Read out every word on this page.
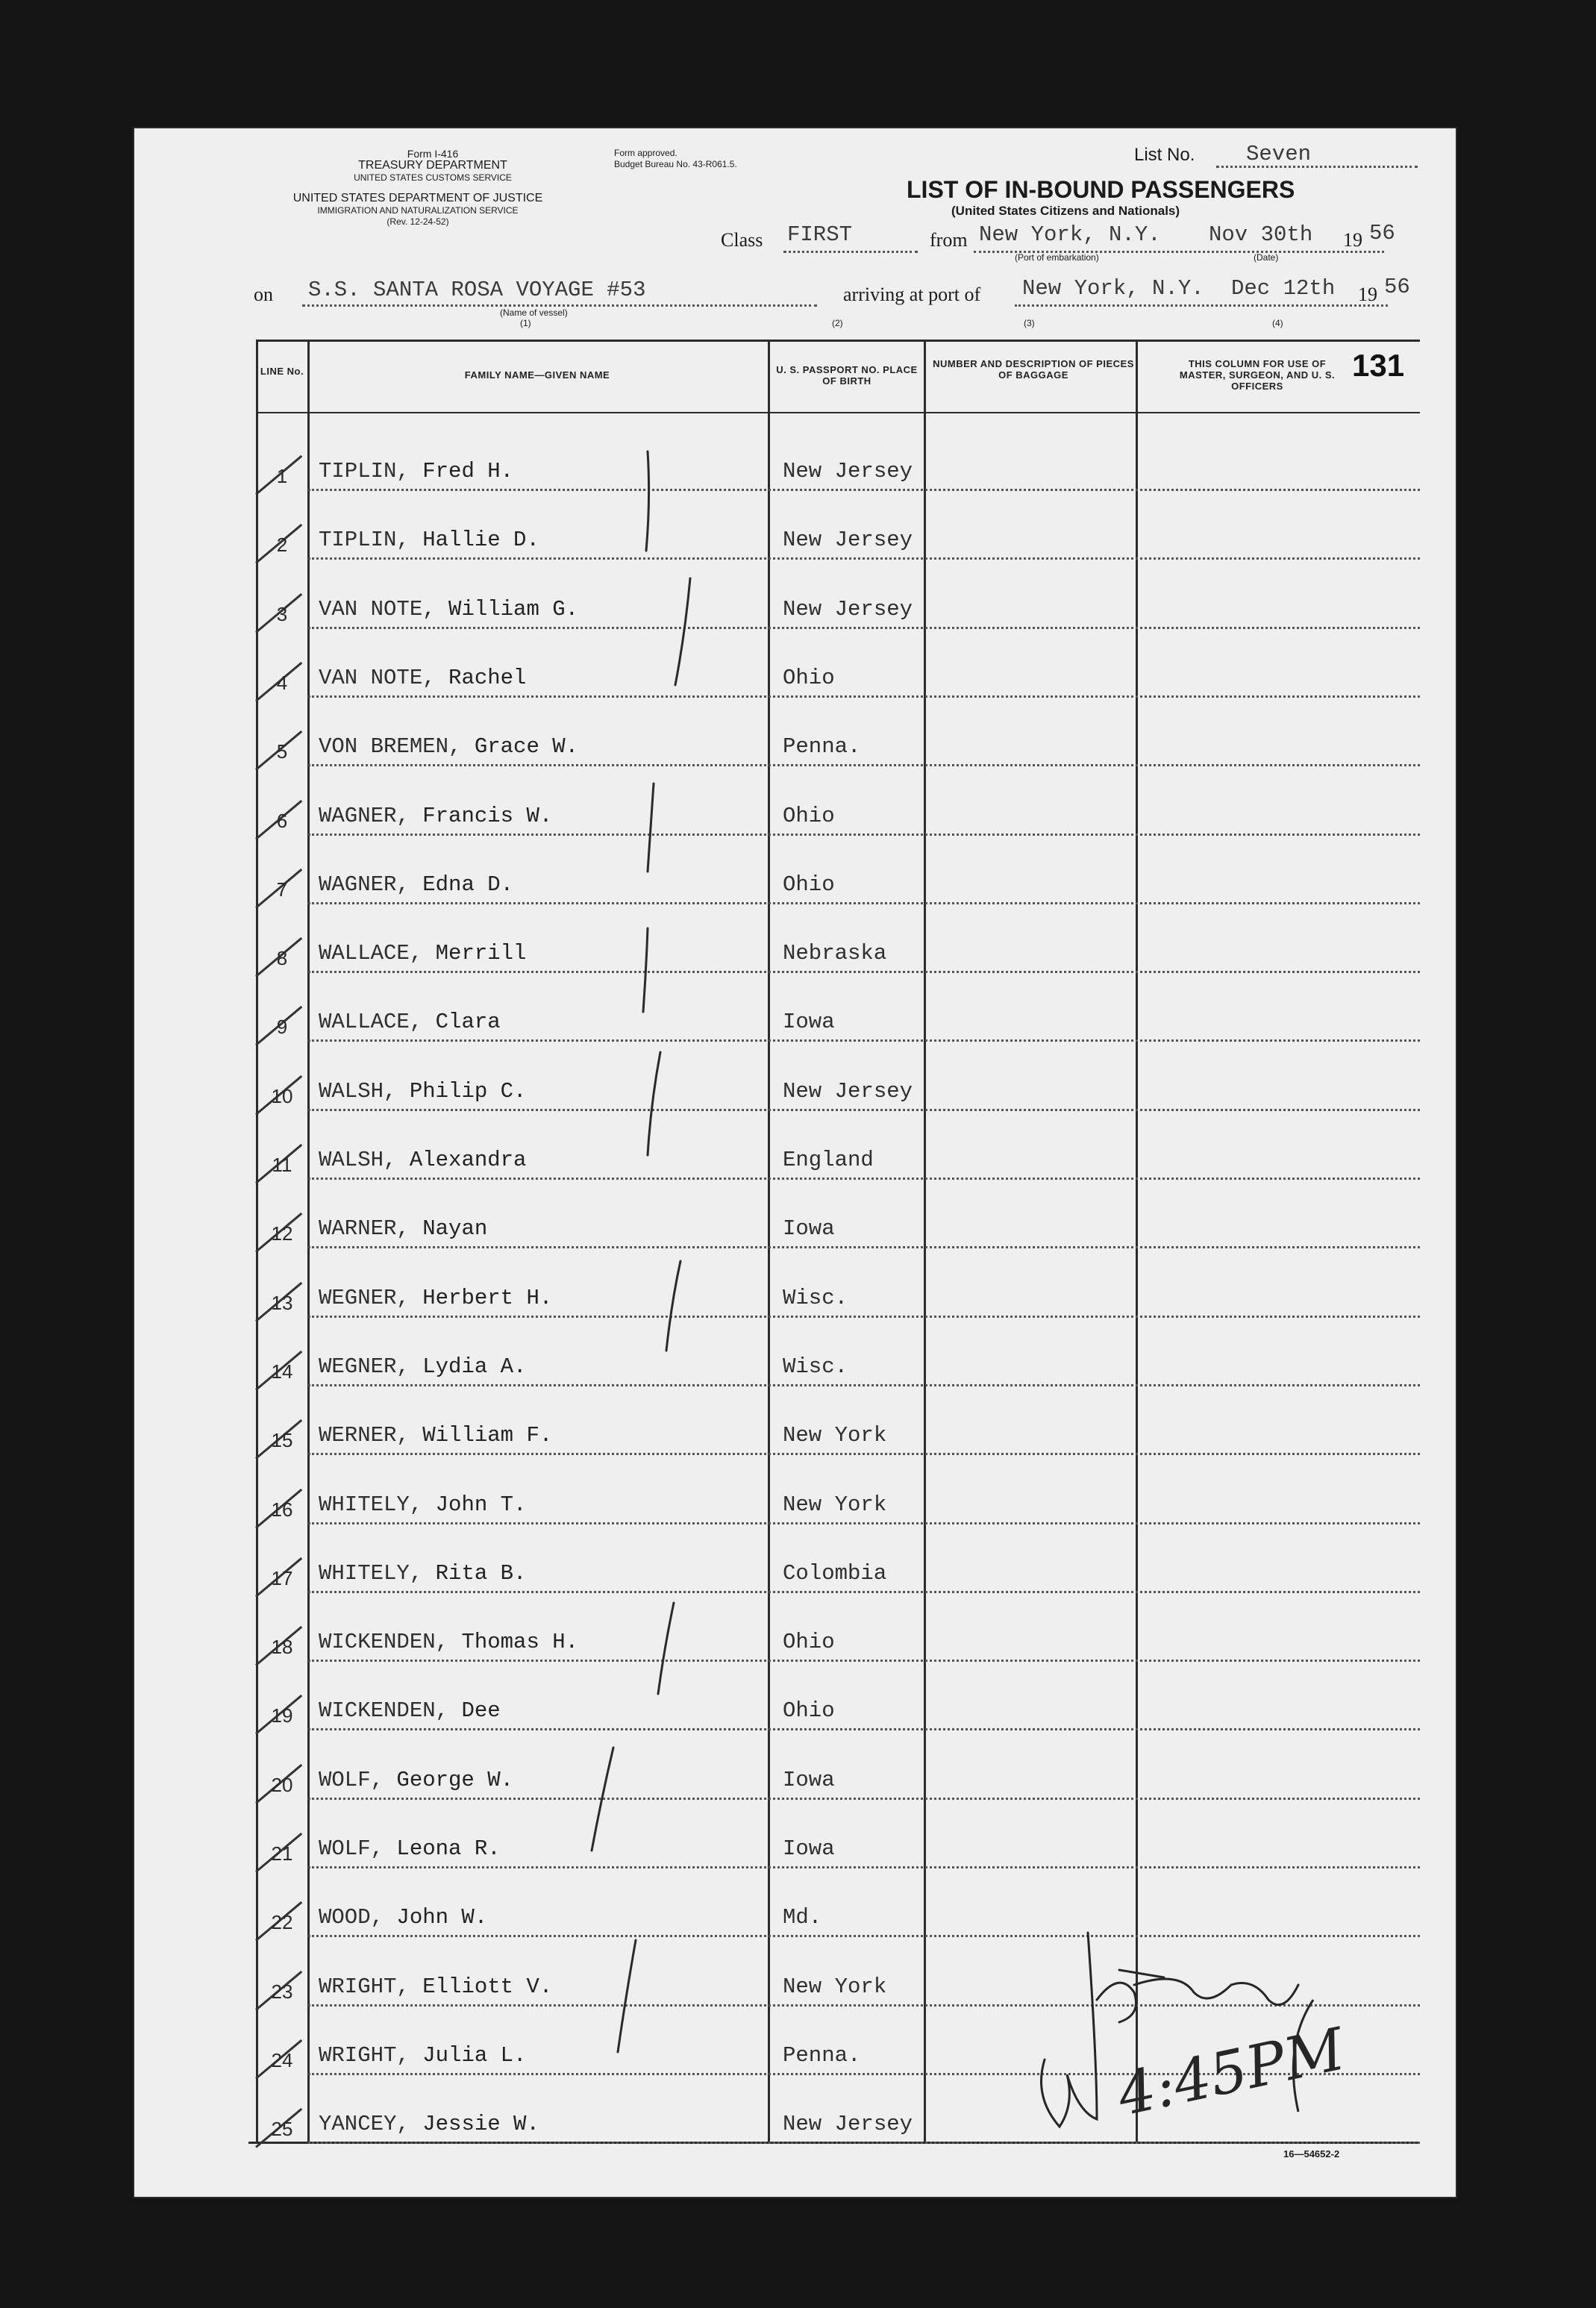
Form I-416
TREASURY DEPARTMENT
UNITED STATES CUSTOMS SERVICE
UNITED STATES DEPARTMENT OF JUSTICE
IMMIGRATION AND NATURALIZATION SERVICE
(Rev. 12-24-52)
Form approved.
Budget Bureau No. 43-R061.5.	List No. Seven
LIST OF IN-BOUND PASSENGERS
(United States Citizens and Nationals)
Class FIRST	from New York, N.Y. Nov 30th 19 56
(Port of embarkation)	(Date)
on S.S. SANTA ROSA VOYAGE #53
(Name of vessel)
(1)
arriving at port of New York, N.Y. Dec 12th 19 56
(2)	(3)	(4)
LINE No.	FAMILY NAME—GIVEN NAME	U. S. PASSPORT NO. PLACE OF BIRTH
NUMBER AND DESCRIPTION OF PIECES OF BAGGAGE
THIS COLUMN FOR USE OF MASTER, SURGEON, AND U. S. OFFICERS
131
1	TIPLIN, Fred H.	New Jersey
2	TIPLIN, Hallie D.	New Jersey
3	VAN NOTE, William G.	New Jersey
4	VAN NOTE, Rachel	Ohio
5	VON BREMEN, Grace W.	Penna.
6	WAGNER, Francis W.	Ohio
7	WAGNER, Edna D.	Ohio
8	WALLACE, Merrill	Nebraska
9	WALLACE, Clara	Iowa
10	WALSH, Philip C.	New Jersey
11	WALSH, Alexandra	England
12	WARNER, Nayan	Iowa
13	WEGNER, Herbert H.	Wisc.
14	WEGNER, Lydia A.	Wisc.
15	WERNER, William F.	New York
16	WHITELY, John T.	New York
17	WHITELY, Rita B.	Colombia
18	WICKENDEN, Thomas H.	Ohio
19	WICKENDEN, Dee	Ohio
20	WOLF, George W.	Iowa
21	WOLF, Leona R.	Iowa
22	WOOD, John W.	Md.
23	WRIGHT, Elliott V.	New York
24	WRIGHT, Julia L.	Penna.
25	YANCEY, Jessie W.	New Jersey	4:45PM
16—54652-2
